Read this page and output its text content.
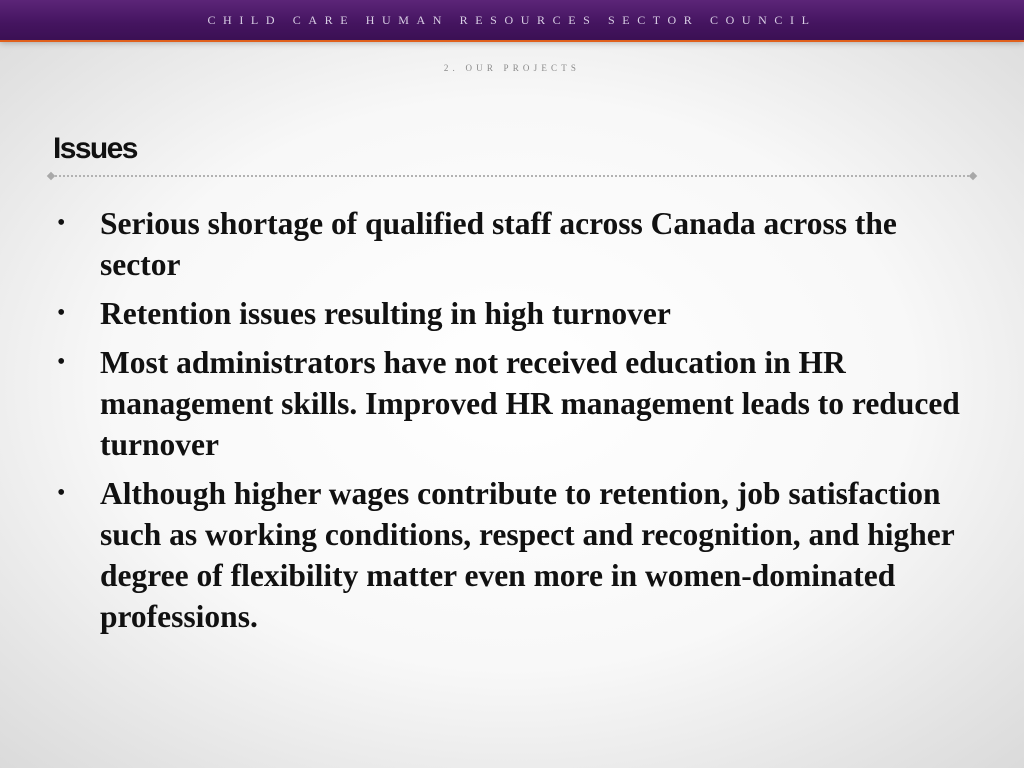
CHILD CARE HUMAN RESOURCES SECTOR COUNCIL
2. OUR PROJECTS
Issues
• Serious shortage of qualified staff across Canada across the sector
• Retention issues resulting in high turnover
• Most administrators have not received education in HR management skills. Improved HR management leads to reduced turnover
• Although higher wages contribute to retention, job satisfaction such as working conditions, respect and recognition, and higher degree of flexibility matter even more in women-dominated professions.
